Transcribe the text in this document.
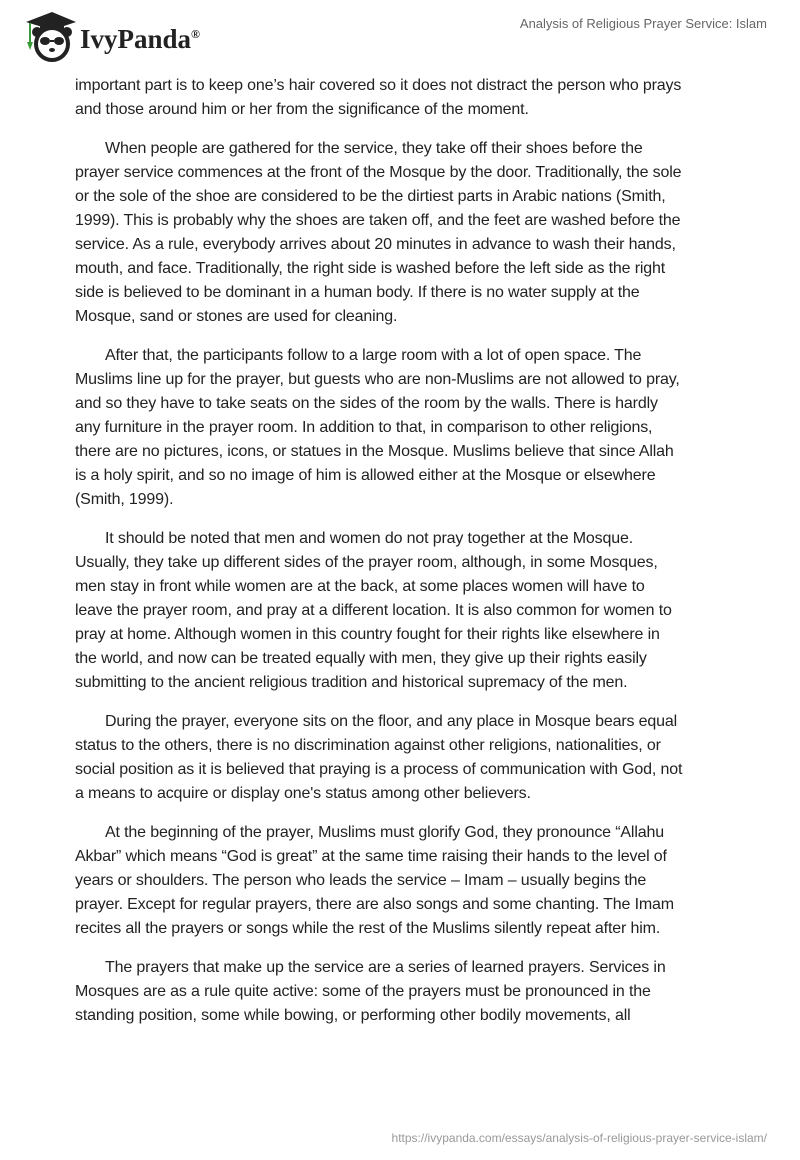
IvyPanda®
Analysis of Religious Prayer Service: Islam
important part is to keep one’s hair covered so it does not distract the person who prays
and those around him or her from the significance of the moment.
When people are gathered for the service, they take off their shoes before the
prayer service commences at the front of the Mosque by the door. Traditionally, the sole
or the sole of the shoe are considered to be the dirtiest parts in Arabic nations (Smith,
1999). This is probably why the shoes are taken off, and the feet are washed before the
service. As a rule, everybody arrives about 20 minutes in advance to wash their hands,
mouth, and face. Traditionally, the right side is washed before the left side as the right
side is believed to be dominant in a human body. If there is no water supply at the
Mosque, sand or stones are used for cleaning.
After that, the participants follow to a large room with a lot of open space. The
Muslims line up for the prayer, but guests who are non-Muslims are not allowed to pray,
and so they have to take seats on the sides of the room by the walls. There is hardly
any furniture in the prayer room. In addition to that, in comparison to other religions,
there are no pictures, icons, or statues in the Mosque. Muslims believe that since Allah
is a holy spirit, and so no image of him is allowed either at the Mosque or elsewhere
(Smith, 1999).
It should be noted that men and women do not pray together at the Mosque.
Usually, they take up different sides of the prayer room, although, in some Mosques,
men stay in front while women are at the back, at some places women will have to
leave the prayer room, and pray at a different location. It is also common for women to
pray at home. Although women in this country fought for their rights like elsewhere in
the world, and now can be treated equally with men, they give up their rights easily
submitting to the ancient religious tradition and historical supremacy of the men.
During the prayer, everyone sits on the floor, and any place in Mosque bears equal
status to the others, there is no discrimination against other religions, nationalities, or
social position as it is believed that praying is a process of communication with God, not
a means to acquire or display one's status among other believers.
At the beginning of the prayer, Muslims must glorify God, they pronounce “Allahu
Akbar” which means “God is great” at the same time raising their hands to the level of
years or shoulders. The person who leads the service – Imam – usually begins the
prayer. Except for regular prayers, there are also songs and some chanting. The Imam
recites all the prayers or songs while the rest of the Muslims silently repeat after him.
The prayers that make up the service are a series of learned prayers. Services in
Mosques are as a rule quite active: some of the prayers must be pronounced in the
standing position, some while bowing, or performing other bodily movements, all
https://ivypanda.com/essays/analysis-of-religious-prayer-service-islam/
